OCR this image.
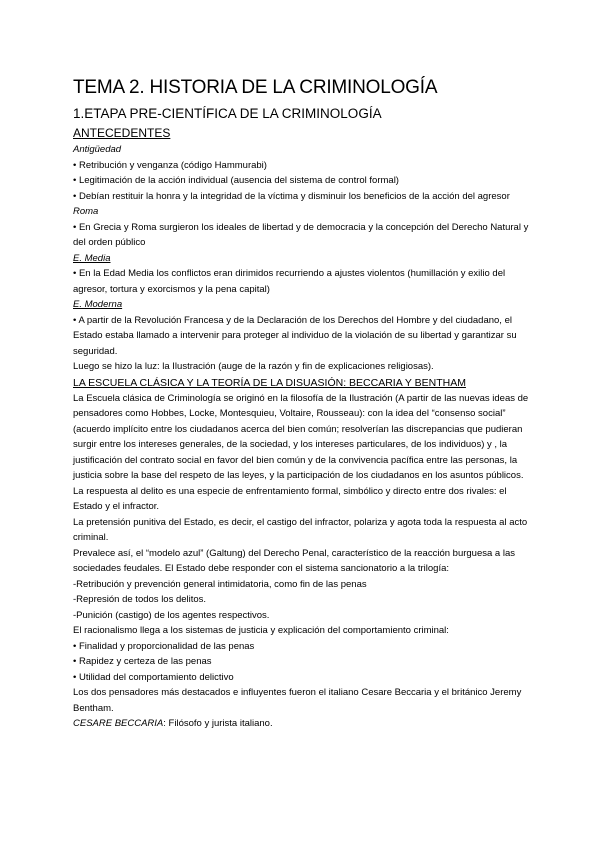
TEMA 2. HISTORIA DE LA CRIMINOLOGÍA
1.ETAPA PRE-CIENTÍFICA DE LA CRIMINOLOGÍA
ANTECEDENTES
Antigüedad
• Retribución y venganza (código Hammurabi)
• Legitimación de la acción individual (ausencia del sistema de control formal)
• Debían restituir la honra y la integridad de la víctima y disminuir los beneficios de la acción del agresor
Roma
• En Grecia y Roma surgieron los ideales de libertad y de democracia y la concepción del Derecho Natural y del orden público
E. Media
• En la Edad Media los conflictos eran dirimidos recurriendo a ajustes violentos (humillación y exilio del agresor, tortura y exorcismos y la pena capital)
E. Moderna
• A partir de la Revolución Francesa y de la Declaración de los Derechos del Hombre y del ciudadano, el Estado estaba llamado a intervenir para proteger al individuo de la violación de su libertad y garantizar su seguridad.
Luego se hizo la luz: la Ilustración (auge de la razón y fin de explicaciones religiosas).
LA ESCUELA CLÁSICA Y LA TEORÍA DE LA DISUASIÓN: BECCARIA Y BENTHAM
La Escuela clásica de Criminología se originó en la filosofía de la Ilustración (A partir de las nuevas ideas de pensadores como Hobbes, Locke, Montesquieu, Voltaire, Rousseau): con la idea del “consenso social” (acuerdo implícito entre los ciudadanos acerca del bien común; resolverían las discrepancias que pudieran surgir entre los intereses generales, de la sociedad, y los intereses particulares, de los individuos) y , la justificación del contrato social en favor del bien común y de la convivencia pacífica entre las personas, la justicia sobre la base del respeto de las leyes, y la participación de los ciudadanos en los asuntos públicos.
La respuesta al delito es una especie de enfrentamiento formal, simbólico y directo entre dos rivales: el Estado y el infractor.
La pretensión punitiva del Estado, es decir, el castigo del infractor, polariza y agota toda la respuesta al acto criminal.
Prevalece así, el “modelo azul” (Galtung) del Derecho Penal, característico de la reacción burguesa a las sociedades feudales. El Estado debe responder con el sistema sancionatorio a la trilogía:
-Retribución y prevención general intimidatoria, como fin de las penas
-Represión de todos los delitos.
-Punición (castigo) de los agentes respectivos.
El racionalismo llega a los sistemas de justicia y explicación del comportamiento criminal:
• Finalidad y proporcionalidad de las penas
• Rapidez y certeza de las penas
• Utilidad del comportamiento delictivo
Los dos pensadores más destacados e influyentes fueron el italiano Cesare Beccaria y el británico Jeremy Bentham.
CESARE BECCARIA: Filósofo y jurista italiano.
